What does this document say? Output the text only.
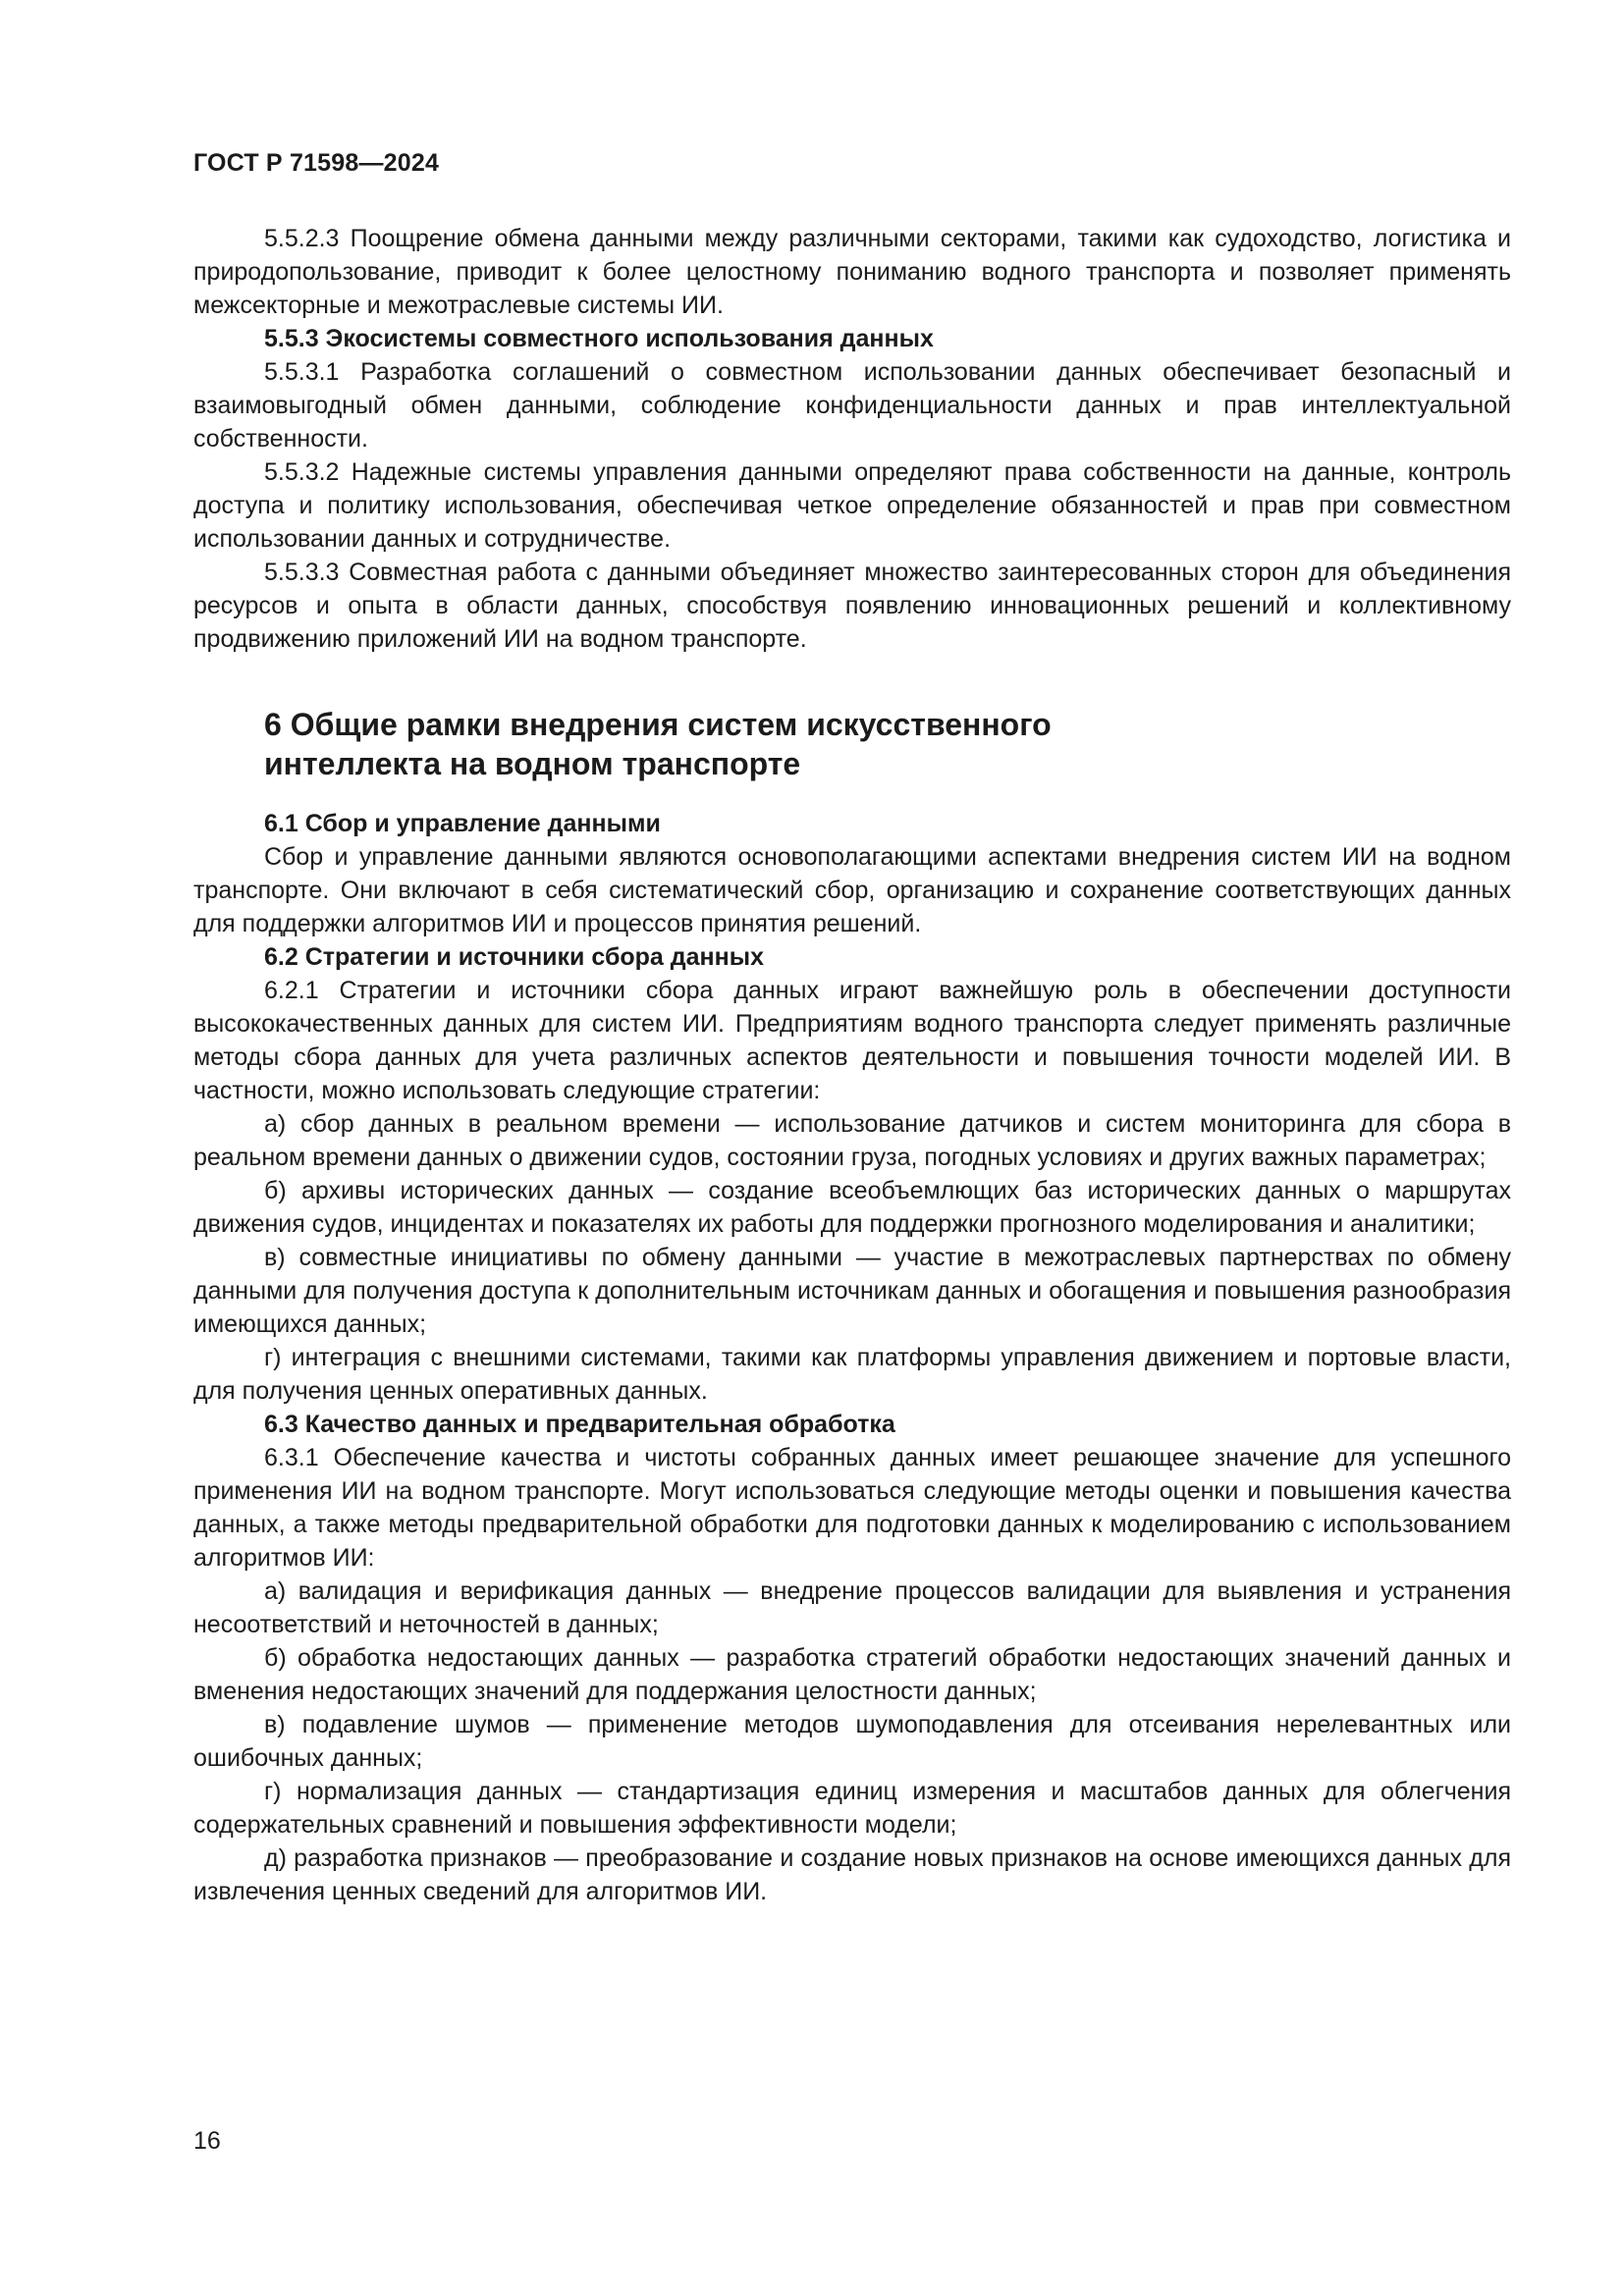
ГОСТ Р 71598—2024

5.5.2.3 Поощрение обмена данными между различными секторами, такими как судоходство, логистика и природопользование, приводит к более целостному пониманию водного транспорта и позволяет применять межсекторные и межотраслевые системы ИИ.

5.5.3 Экосистемы совместного использования данных

5.5.3.1 Разработка соглашений о совместном использовании данных обеспечивает безопасный и взаимовыгодный обмен данными, соблюдение конфиденциальности данных и прав интеллектуальной собственности.

5.5.3.2 Надежные системы управления данными определяют права собственности на данные, контроль доступа и политику использования, обеспечивая четкое определение обязанностей и прав при совместном использовании данных и сотрудничестве.

5.5.3.3 Совместная работа с данными объединяет множество заинтересованных сторон для объединения ресурсов и опыта в области данных, способствуя появлению инновационных решений и коллективному продвижению приложений ИИ на водном транспорте.

6 Общие рамки внедрения систем искусственного
интеллекта на водном транспорте

6.1 Сбор и управление данными

Сбор и управление данными являются основополагающими аспектами внедрения систем ИИ на водном транспорте. Они включают в себя систематический сбор, организацию и сохранение соответствующих данных для поддержки алгоритмов ИИ и процессов принятия решений.

6.2 Стратегии и источники сбора данных

6.2.1 Стратегии и источники сбора данных играют важнейшую роль в обеспечении доступности высококачественных данных для систем ИИ. Предприятиям водного транспорта следует применять различные методы сбора данных для учета различных аспектов деятельности и повышения точности моделей ИИ. В частности, можно использовать следующие стратегии:

а) сбор данных в реальном времени — использование датчиков и систем мониторинга для сбора в реальном времени данных о движении судов, состоянии груза, погодных условиях и других важных параметрах;

б) архивы исторических данных — создание всеобъемлющих баз исторических данных о маршрутах движения судов, инцидентах и показателях их работы для поддержки прогнозного моделирования и аналитики;

в) совместные инициативы по обмену данными — участие в межотраслевых партнерствах по обмену данными для получения доступа к дополнительным источникам данных и обогащения и повышения разнообразия имеющихся данных;

г) интеграция с внешними системами, такими как платформы управления движением и портовые власти, для получения ценных оперативных данных.

6.3 Качество данных и предварительная обработка

6.3.1 Обеспечение качества и чистоты собранных данных имеет решающее значение для успешного применения ИИ на водном транспорте. Могут использоваться следующие методы оценки и повышения качества данных, а также методы предварительной обработки для подготовки данных к моделированию с использованием алгоритмов ИИ:

а) валидация и верификация данных — внедрение процессов валидации для выявления и устранения несоответствий и неточностей в данных;

б) обработка недостающих данных — разработка стратегий обработки недостающих значений данных и вменения недостающих значений для поддержания целостности данных;

в) подавление шумов — применение методов шумоподавления для отсеивания нерелевантных или ошибочных данных;

г) нормализация данных — стандартизация единиц измерения и масштабов данных для облегчения содержательных сравнений и повышения эффективности модели;

д) разработка признаков — преобразование и создание новых признаков на основе имеющихся данных для извлечения ценных сведений для алгоритмов ИИ.

16
